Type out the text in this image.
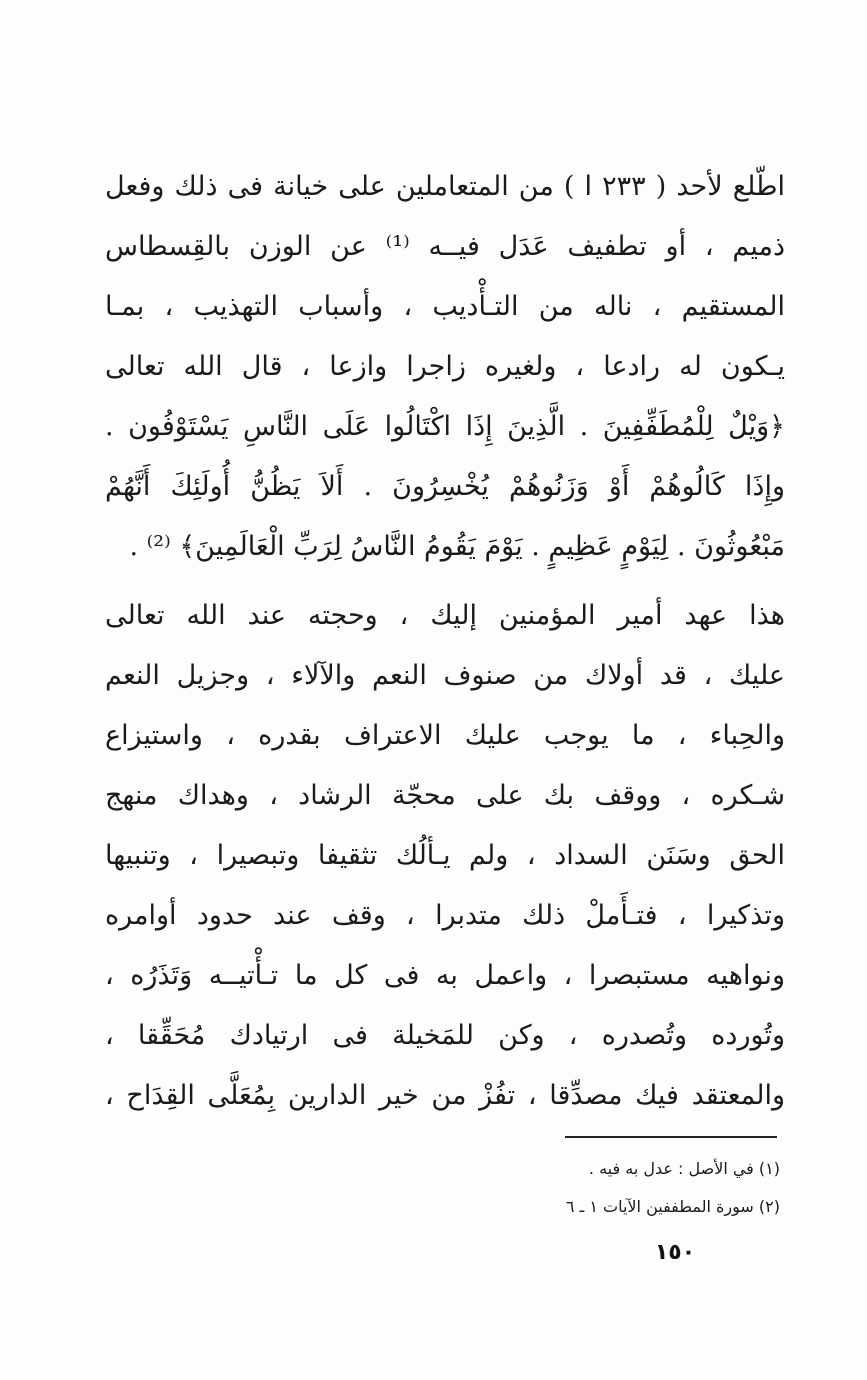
اطّلع لأحد ( ٢٣٣ ا ) من المتعاملين على خيانة فى ذلك وفعل
ذميم ، أو تطفيف عَدَل فيــه ⁽¹⁾ عن الوزن بالقِسطاس
المستقيم ، ناله من التـأْديب ، وأسباب التهذيب ، بمـا
يـكون له رادعا ، ولغيره زاجرا وازعا ، قال الله تعالى
﴿وَيْلٌ لِلْمُطَفِّفِينَ . الَّذِينَ إِذَا اكْتَالُوا عَلَى النَّاسِ يَسْتَوْفُون .
وإِذَا كَالُوهُمْ أَوْ وَزَنُوهُمْ يُخْسِرُونَ . أَلاَ يَظُنُّ أُولَئِكَ أَنَّهُمْ
مَبْعُوثُونَ . لِيَوْمٍ عَظِيمٍ . يَوْمَ يَقُومُ النَّاسُ لِرَبِّ الْعَالَمِينَ﴾ ⁽²⁾ .
هذا عهد أمير المؤمنين إليك ، وحجته عند الله تعالى
عليك ، قد أولاك من صنوف النعم والآلاء ، وجزيل النعم
والحِباء ، ما يوجب عليك الاعتراف بقدره ، واستيزاع
شـكره ، ووقف بك على محجّة الرشاد ، وهداك منهج
الحق وسَنَن السداد ، ولم يـألُك تثقيفا وتبصيرا ، وتنبيها
وتذكيرا ، فتـأَملْ ذلك متدبرا ، وقف عند حدود أوامره
ونواهيه مستبصرا ، واعمل به فى كل ما تـأْتيــه وَتَذَرُه ،
وتُورده وتُصدره ، وكن للمَخيلة فى ارتيادك مُحَقِّقا ،
والمعتقد فيك مصدِّقا ، تفُزْ من خير الدارين بِمُعَلَّى القِدَاح ،
(١) في الأصل : عدل به فيه .
(٢) سورة المطففين الآيات ١ ـ ٦
١٥٠
